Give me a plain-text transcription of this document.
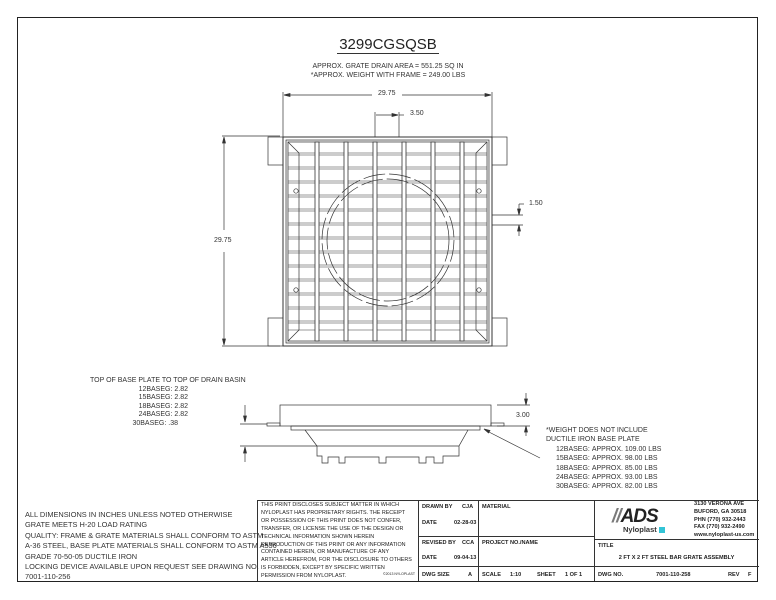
3299CGSQSB
APPROX. GRATE DRAIN AREA = 551.25 SQ IN
*APPROX. WEIGHT WITH FRAME = 249.00 LBS
29.75
3.50
29.75
1.50
3.00
TOP OF BASE PLATE TO TOP OF DRAIN BASIN
12BASEG: 2.82
15BASEG: 2.82
18BASEG: 2.82
24BASEG: 2.82
30BASEG: .38
*WEIGHT DOES NOT INCLUDE
DUCTILE IRON BASE PLATE
12BASEG: APPROX. 109.00 LBS
15BASEG: APPROX. 98.00 LBS
18BASEG: APPROX. 85.00 LBS
24BASEG: APPROX. 93.00 LBS
30BASEG: APPROX. 82.00 LBS
ALL DIMENSIONS IN INCHES UNLESS NOTED OTHERWISE
GRATE MEETS H-20 LOAD RATING
QUALITY: FRAME & GRATE MATERIALS SHALL CONFORM TO ASTM
A-36 STEEL, BASE PLATE MATERIALS SHALL CONFORM TO ASTM A536
GRADE 70-50-05 DUCTILE IRON
LOCKING DEVICE AVAILABLE UPON REQUEST SEE DRAWING NO.
7001-110-256
THIS PRINT DISCLOSES SUBJECT MATTER IN WHICH
NYLOPLAST HAS PROPRIETARY RIGHTS. THE RECEIPT
OR POSSESSION OF THIS PRINT DOES NOT CONFER,
TRANSFER, OR LICENSE THE USE OF THE DESIGN OR
TECHNICAL INFORMATION SHOWN HEREIN
REPRODUCTION OF THIS PRINT OR ANY INFORMATION
CONTAINED HEREIN, OR MANUFACTURE OF ANY
ARTICLE HEREFROM, FOR THE DISCLOSURE TO OTHERS
IS FORBIDDEN, EXCEPT BY SPECIFIC WRITTEN
PERMISSION FROM NYLOPLAST.	©2013 NYLOPLAST
DRAWN BY CJA
DATE	02-28-03
REVISED BY CCA
DATE	09-04-13
DWG SIZE	A
MATERIAL
PROJECT NO./NAME
SCALE 1:10	SHEET 1 OF 1
//ADS
Nyloplast
3130 VERONA AVE
BUFORD, GA 30518
PHN (770) 932-2443
FAX (770) 932-2490
www.nyloplast-us.com
TITLE
2 FT X 2 FT STEEL BAR GRATE ASSEMBLY
DWG NO.	7001-110-258	REV F
